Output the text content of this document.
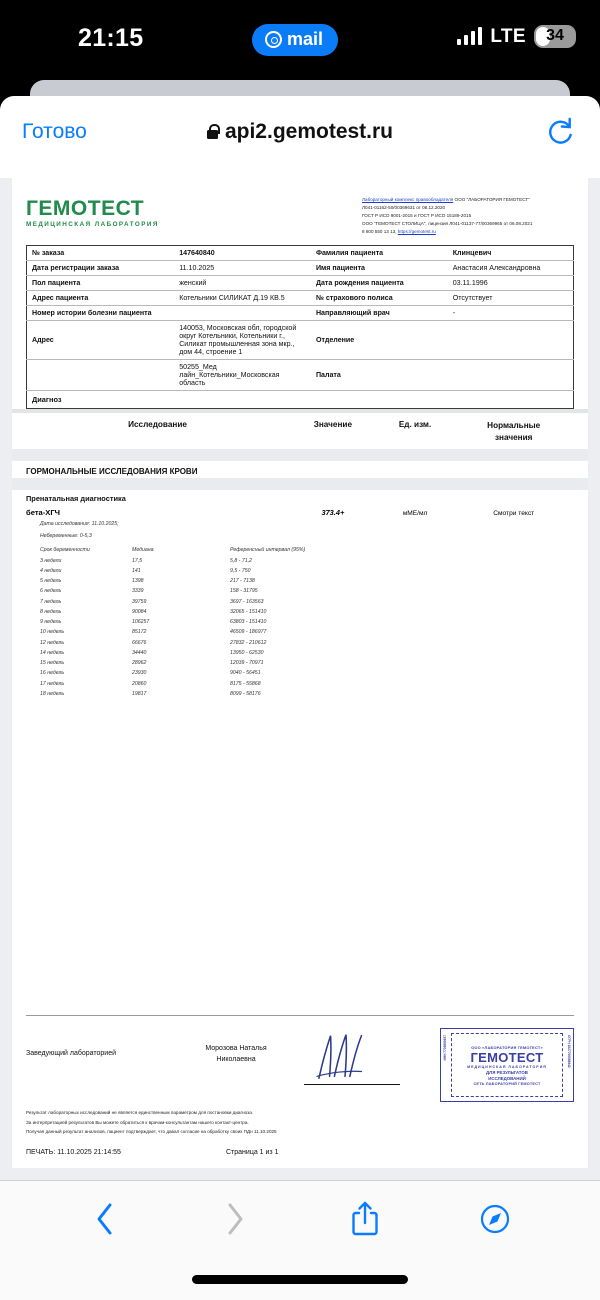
21:15	mail	LTE	34
Готово	api2.gemotest.ru
ГЕМОТЕСТ
МЕДИЦИНСКАЯ ЛАБОРАТОРИЯ
Лабораторный комплекс правообладателя ООО "ЛАБОРАТОРИЯ ГЕМОТЕСТ"
Л041-01162-50/00369631 от 08.12.2020
ГОСТ Р ИСО 9001-2015 и ГОСТ Р ИСО 15189-2015
ООО "ГЕМОТЕСТ СТОЛИЦА", лицензия Л041-01137-77/00369965 от 06.08.2021
8 800 550 13 13, https://gemotest.ru
№ заказа	147640840	Фамилия пациента	Клинцевич
Дата регистрации заказа	11.10.2025	Имя пациента	Анастасия Александровна
Пол пациента	женский	Дата рождения пациента	03.11.1996
Адрес пациента	Котельники СИЛИКАТ Д.19 КВ.5	№ страхового полиса	Отсутствует
Номер истории болезни пациента		Направляющий врач	-
Адрес	140053, Московская обл, городской округ Котельники, Котельники г., Силикат промышленная зона мкр., дом 44, строение 1	Отделение	
	50255_Мед лайн_Котельники_Московская область	Палата	
Диагноз			
Исследование	Значение	Ед. изм.	Нормальные
значения
ГОРМОНАЛЬНЫЕ ИССЛЕДОВАНИЯ КРОВИ
Пренатальная диагностика
бета-ХГЧ	373.4+	мМЕ/мл	Смотри текст
Дата исследования: 11.10.2025;
Небеременные: 0-5,3
Срок беременности	Медиана	Референсный интервал (95%)
3 недели	17,5	5,8 - 71,2
4 недели	141	9,5 - 750
5 недель	1398	217 - 7138
6 недель	3339	158 - 31795
7 недель	39759	3697 - 163563
8 недель	90084	32065 - 151410
9 недель	106257	63803 - 151410
10 недель	85172	46509 - 186977
12 недель	66676	27832 - 210612
14 недель	34440	13950 - 62530
15 недель	28962	12039 - 70971
16 недель	23930	9040 - 56451
17 недель	20860	8175 - 55868
18 недель	19817	8099 - 58176
Заведующий лабораторией
Морозова Наталья
Николаевна	ИНН 7706895657	ОГРН 1027700568842
ООО «ЛАБОРАТОРИЯ ГЕМОТЕСТ»
ГЕМОТЕСТ
МЕДИЦИНСКАЯ ЛАБОРАТОРИЯ
ДЛЯ РЕЗУЛЬТАТОВ
ИССЛЕДОВАНИЙ
СЕТЬ ЛАБОРАТОРИЙ ГЕМОТЕСТ
Результат лабораторных исследований не является единственным параметром для постановки диагноза.
За интерпретацией результатов Вы можете обратиться к врачам-консультантам нашего контакт-центра.
Получая данный результат анализов, пациент подтверждает, что давал согласие на обработку своих ПДн 11.10.2025
ПЕЧАТЬ: 11.10.2025 21:14:55	Страница 1 из 1
